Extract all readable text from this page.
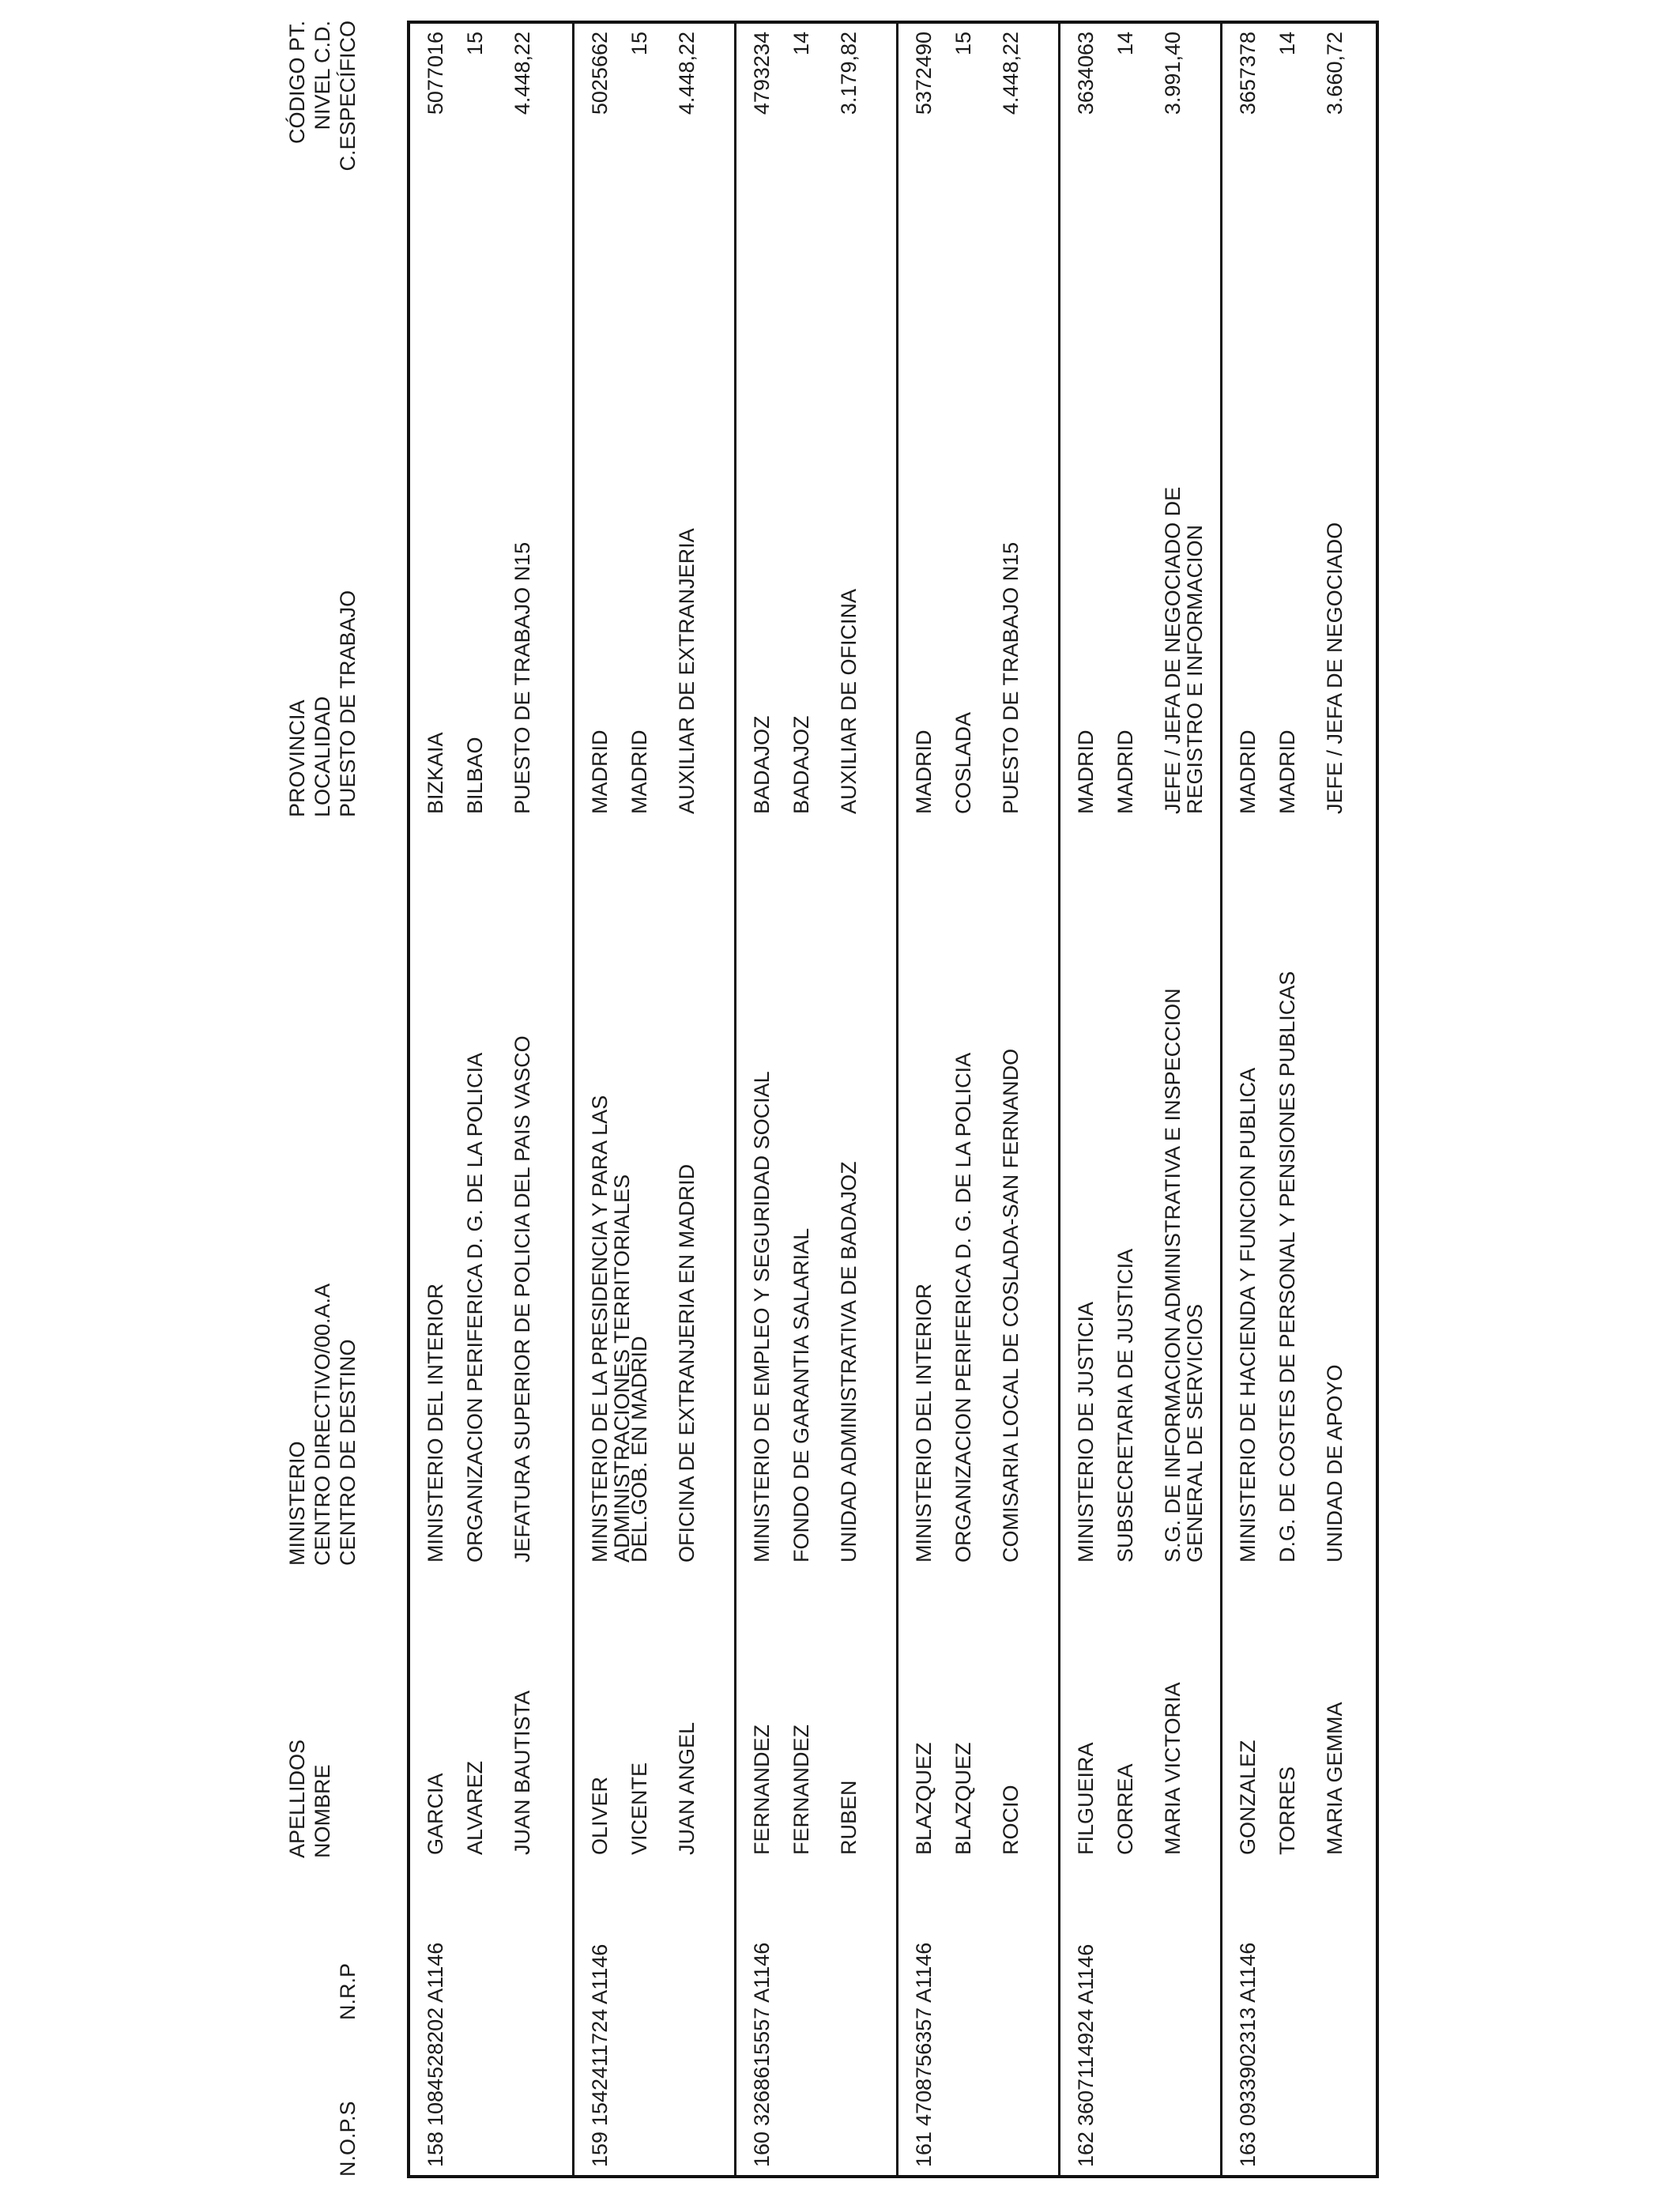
N.O.P.S
N.R.P
APELLIDOS
NOMBRE
MINISTERIO
CENTRO DIRECTIVO/00.A.A
CENTRO DE DESTINO
PROVINCIA
LOCALIDAD
PUESTO DE TRABAJO
CÓDIGO PT.
NIVEL C.D.
C.ESPECÍFICO
158
1084528202 A1146
GARCIA ALVAREZ JUAN BAUTISTA
MINISTERIO DEL INTERIOR ORGANIZACION PERIFERICA D. G. DE LA POLICIA JEFATURA SUPERIOR DE POLICIA DEL PAIS VASCO
BIZKAIA BILBAO PUESTO DE TRABAJO N15
5077016 15 4.448,22
159
1542411724 A1146
OLIVER VICENTE JUAN ANGEL
MINISTERIO DE LA PRESIDENCIA Y PARA LAS ADMINISTRACIONES TERRITORIALES
DEL.GOB. EN MADRID OFICINA DE EXTRANJERIA EN MADRID
MADRID MADRID AUXILIAR DE EXTRANJERIA
5025662 15 4.448,22
160
3268615557 A1146
FERNANDEZ FERNANDEZ RUBEN
MINISTERIO DE EMPLEO Y SEGURIDAD SOCIAL FONDO DE GARANTIA SALARIAL UNIDAD ADMINISTRATIVA DE BADAJOZ
BADAJOZ BADAJOZ AUXILIAR DE OFICINA
4793234 14 3.179,82
161
4708756357 A1146
BLAZQUEZ BLAZQUEZ ROCIO
MINISTERIO DEL INTERIOR ORGANIZACION PERIFERICA D. G. DE LA POLICIA COMISARIA LOCAL DE COSLADA-SAN FERNANDO
MADRID COSLADA PUESTO DE TRABAJO N15
5372490 15 4.448,22
162
3607114924 A1146
FILGUEIRA CORREA MARIA VICTORIA
MINISTERIO DE JUSTICIA SUBSECRETARIA DE JUSTICIA S.G. DE INFORMACION ADMINISTRATIVA E INSPECCION GENERAL DE SERVICIOS
MADRID MADRID JEFE / JEFA DE NEGOCIADO DE REGISTRO E INFORMACION
3634063 14 3.991,40
163
0933902313 A1146
GONZALEZ TORRES MARIA GEMMA
MINISTERIO DE HACIENDA Y FUNCION PUBLICA D.G. DE COSTES DE PERSONAL Y PENSIONES PUBLICAS UNIDAD DE APOYO
MADRID MADRID JEFE / JEFA DE NEGOCIADO
3657378 14 3.660,72
